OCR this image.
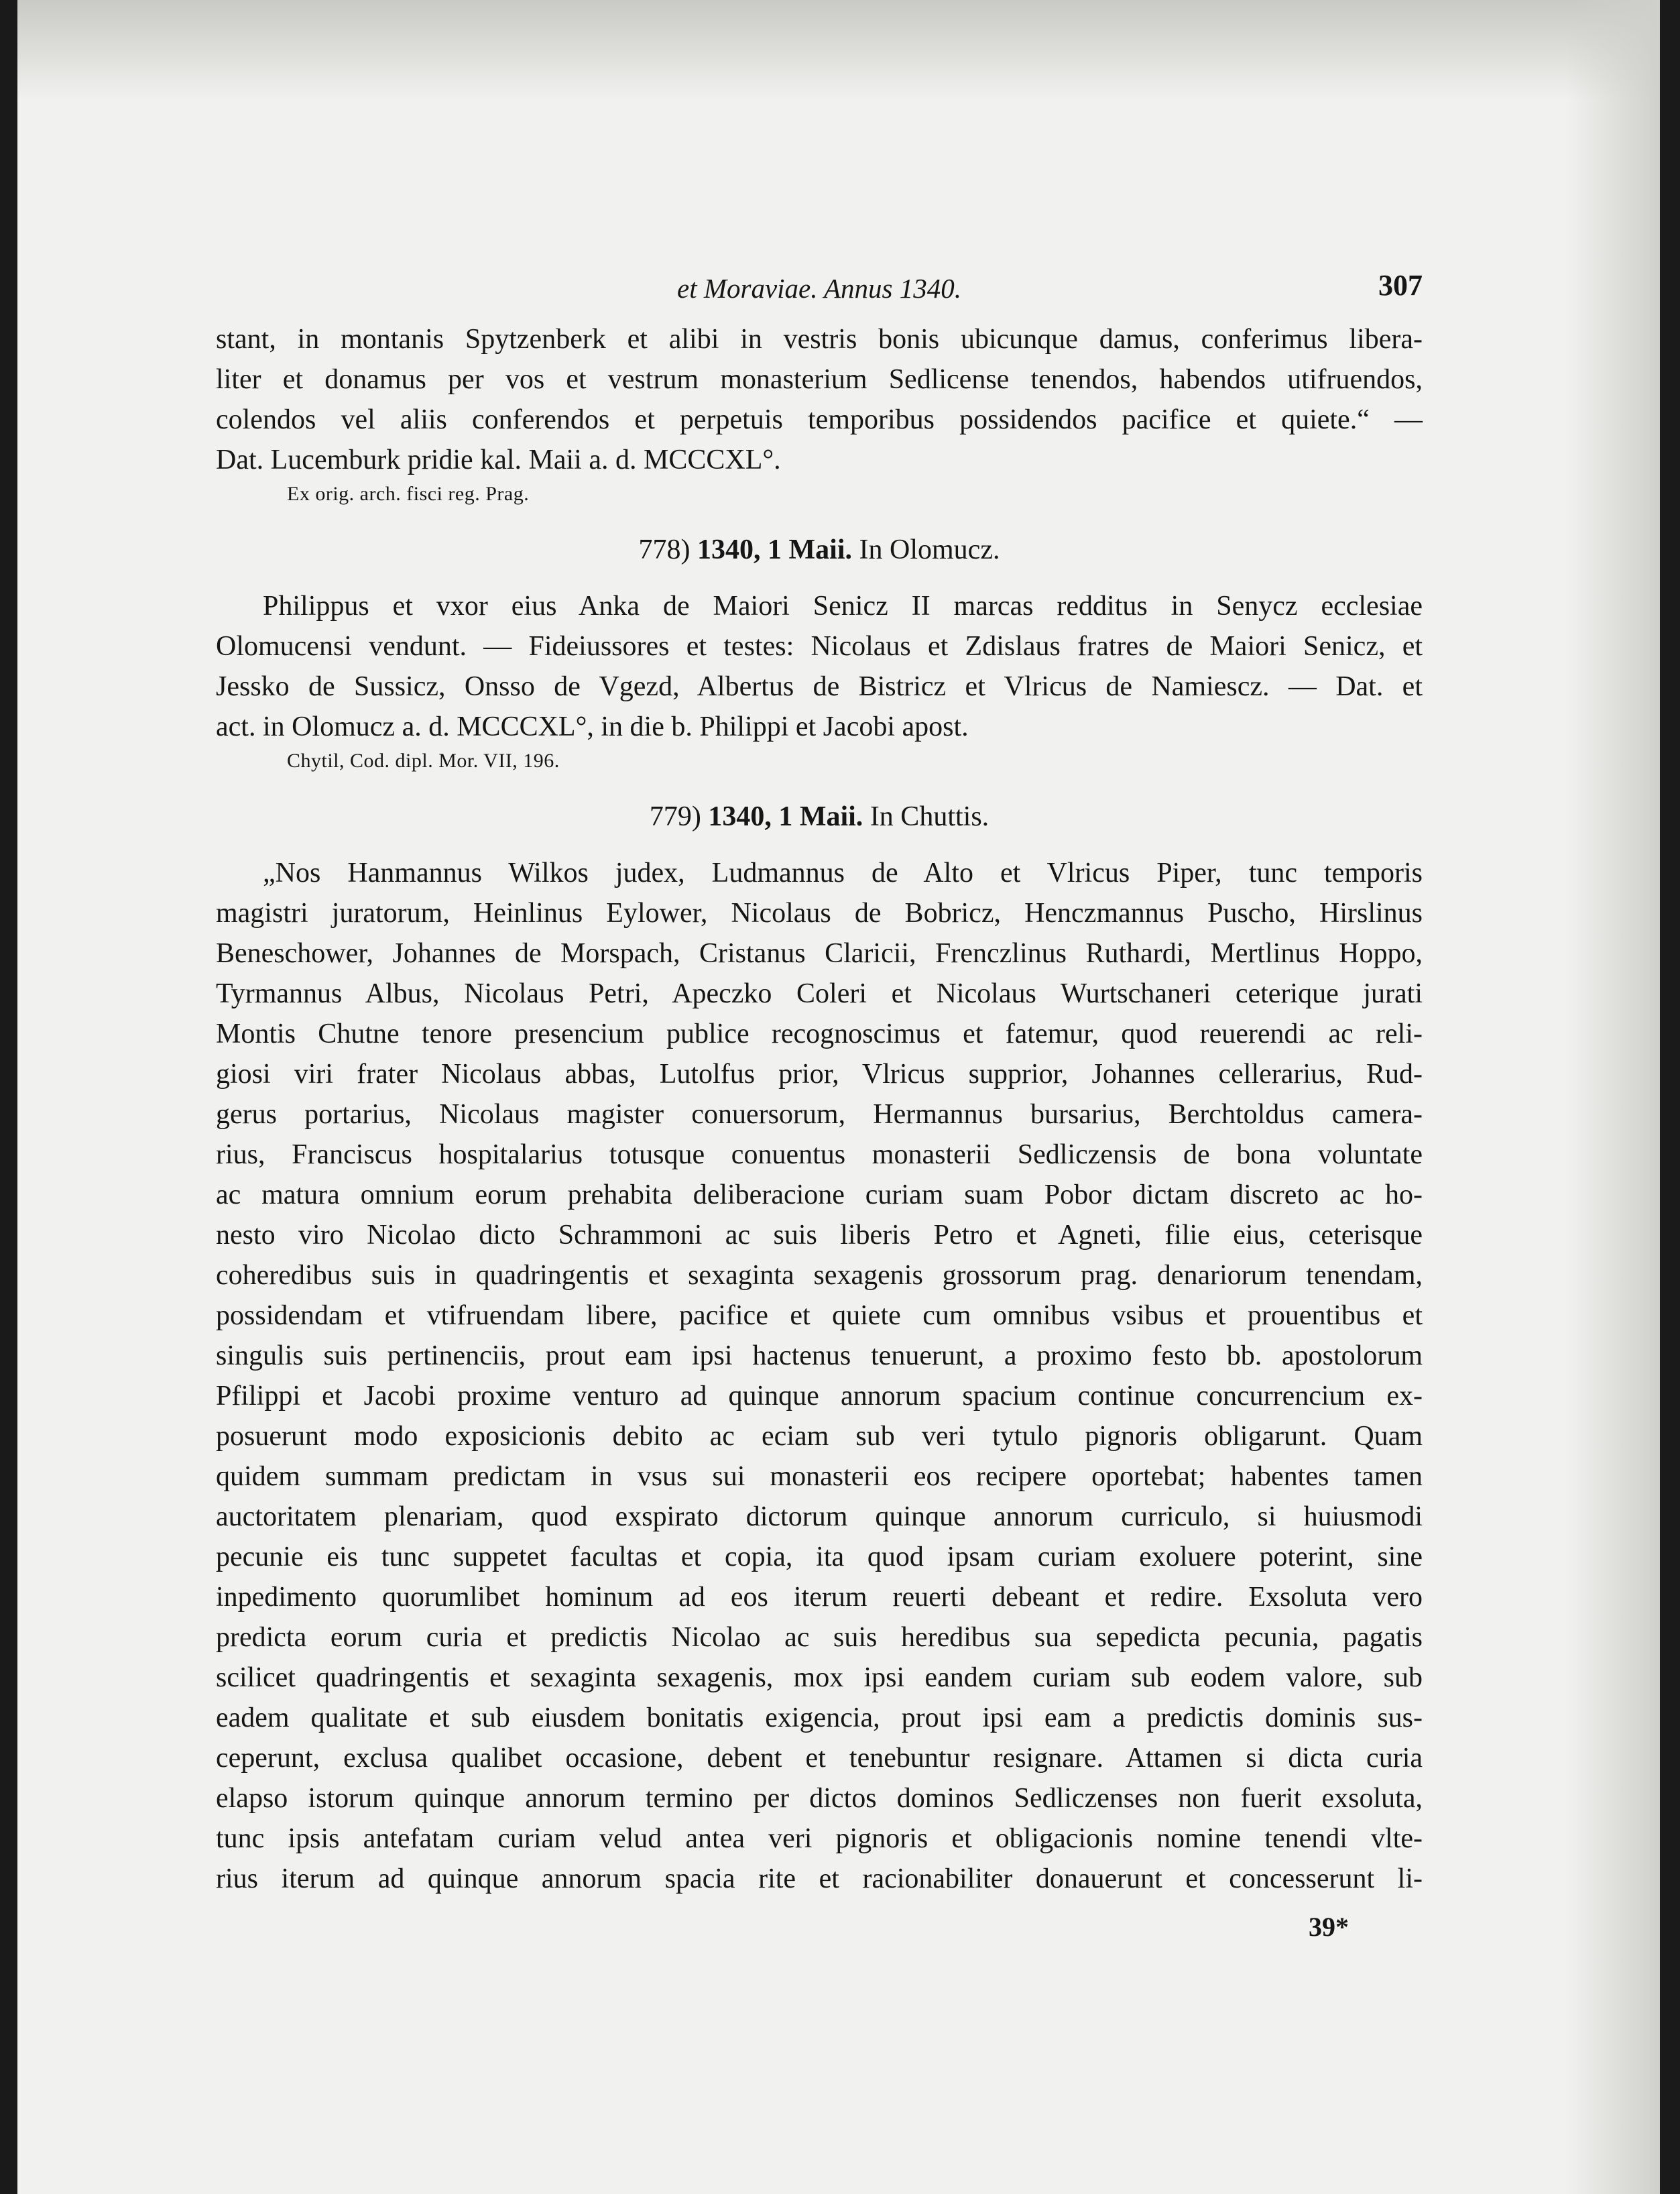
et Moraviae. Annus 1340.	307

stant, in montanis Spytzenberk et alibi in vestris bonis ubicunque damus, conferimus libera-
liter et donamus per vos et vestrum monasterium Sedlicense tenendos, habendos utifruendos,
colendos vel aliis conferendos et perpetuis temporibus possidendos pacifice et quiete.“ —
Dat. Lucemburk pridie kal. Maii a. d. MCCCXL°.

Ex orig. arch. fisci reg. Prag.
778) 1340, 1 Maii. In Olomucz.

Philippus et vxor eius Anka de Maiori Senicz II marcas redditus in Senycz ecclesiae
Olomucensi vendunt. — Fideiussores et testes: Nicolaus et Zdislaus fratres de Maiori Senicz, et
Jessko de Sussicz, Onsso de Vgezd, Albertus de Bistricz et Vlricus de Namiescz. — Dat. et
act. in Olomucz a. d. MCCCXL°, in die b. Philippi et Jacobi apost.

Chytil, Cod. dipl. Mor. VII, 196.
779) 1340, 1 Maii. In Chuttis.

„Nos Hanmannus Wilkos judex, Ludmannus de Alto et Vlricus Piper, tunc temporis
magistri juratorum, Heinlinus Eylower, Nicolaus de Bobricz, Henczmannus Puscho, Hirslinus
Beneschower, Johannes de Morspach, Cristanus Claricii, Frenczlinus Ruthardi, Mertlinus Hoppo,
Tyrmannus Albus, Nicolaus Petri, Apeczko Coleri et Nicolaus Wurtschaneri ceterique jurati
Montis Chutne tenore presencium publice recognoscimus et fatemur, quod reuerendi ac reli-
giosi viri frater Nicolaus abbas, Lutolfus prior, Vlricus supprior, Johannes cellerarius, Rud-
gerus portarius, Nicolaus magister conuersorum, Hermannus bursarius, Berchtoldus camera-
rius, Franciscus hospitalarius totusque conuentus monasterii Sedliczensis de bona voluntate
ac matura omnium eorum prehabita deliberacione curiam suam Pobor dictam discreto ac ho-
nesto viro Nicolao dicto Schrammoni ac suis liberis Petro et Agneti, filie eius, ceterisque
coheredibus suis in quadringentis et sexaginta sexagenis grossorum prag. denariorum tenendam,
possidendam et vtifruendam libere, pacifice et quiete cum omnibus vsibus et prouentibus et
singulis suis pertinenciis, prout eam ipsi hactenus tenuerunt, a proximo festo bb. apostolorum
Pfilippi et Jacobi proxime venturo ad quinque annorum spacium continue concurrencium ex-
posuerunt modo exposicionis debito ac eciam sub veri tytulo pignoris obligarunt. Quam
quidem summam predictam in vsus sui monasterii eos recipere oportebat; habentes tamen
auctoritatem plenariam, quod exspirato dictorum quinque annorum curriculo, si huiusmodi
pecunie eis tunc suppetet facultas et copia, ita quod ipsam curiam exoluere poterint, sine
inpedimento quorumlibet hominum ad eos iterum reuerti debeant et redire. Exsoluta vero
predicta eorum curia et predictis Nicolao ac suis heredibus sua sepedicta pecunia, pagatis
scilicet quadringentis et sexaginta sexagenis, mox ipsi eandem curiam sub eodem valore, sub
eadem qualitate et sub eiusdem bonitatis exigencia, prout ipsi eam a predictis dominis sus-
ceperunt, exclusa qualibet occasione, debent et tenebuntur resignare. Attamen si dicta curia
elapso istorum quinque annorum termino per dictos dominos Sedliczenses non fuerit exsoluta,
tunc ipsis antefatam curiam velud antea veri pignoris et obligacionis nomine tenendi vlte-
rius iterum ad quinque annorum spacia rite et racionabiliter donauerunt et concesserunt li-

39*
